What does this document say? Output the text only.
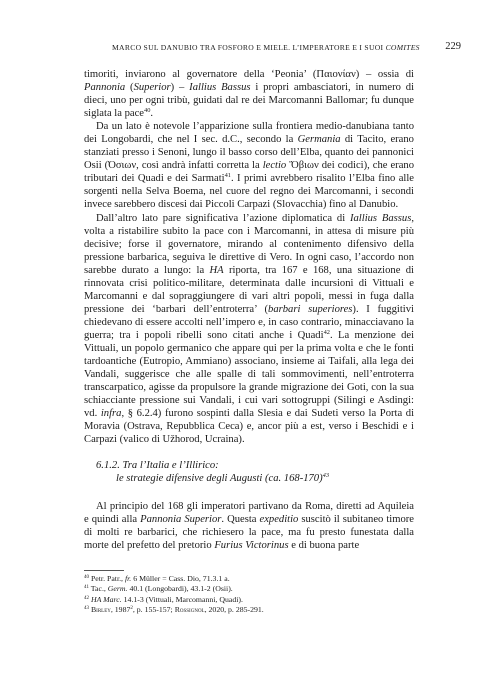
MARCO SUL DANUBIO TRA FOSFORO E MIELE. L’IMPERATORE E I SUOI COMITES 229

timoriti, inviarono al governatore della ‘Peonia’ (Παιονίαν) – ossia di Pannonia (Superior) – Iallius Bassus i propri ambasciatori, in numero di dieci, uno per ogni tribù, guidati dal re dei Marcomanni Ballomar; fu dunque siglata la pace$^{40}$.

Da un lato è notevole l’apparizione sulla frontiera medio-danubiana tanto dei Longobardi, che nel I sec. d.C., secondo la Germania di Tacito, erano stanziati presso i Senoni, lungo il basso corso dell’Elba, quanto dei pannonici Osii (Όσιων, così andrà infatti corretta la lectio Ὄβιων dei codici), che erano tributari dei Quadi e dei Sarmati$^{41}$. I primi avrebbero risalito l’Elba fino alle sorgenti nella Selva Boema, nel cuore del regno dei Marcomanni, i secondi invece sarebbero discesi dai Piccoli Carpazi (Slovacchia) fino al Danubio.

Dall’altro lato pare significativa l’azione diplomatica di Iallius Bassus, volta a ristabilire subito la pace con i Marcomanni, in attesa di misure più decisive; forse il governatore, mirando al contenimento difensivo della pressione barbarica, seguiva le direttive di Vero. In ogni caso, l’accordo non sarebbe durato a lungo: la HA riporta, tra 167 e 168, una situazione di rinnovata crisi politico-militare, determinata dalle incursioni di Vittuali e Marcomanni e dal sopraggiungere di vari altri popoli, messi in fuga dalla pressione dei ‘barbari dell’entroterra’ (barbari superiores). I fuggitivi chiedevano di essere accolti nell’impero e, in caso contrario, minacciavano la guerra; tra i popoli ribelli sono citati anche i Quadi$^{42}$. La menzione dei Vittuali, un popolo germanico che appare qui per la prima volta e che le fonti tardoantiche (Eutropio, Ammiano) associano, insieme ai Taifali, alla lega dei Vandali, suggerisce che alle spalle di tali sommovimenti, nell’entroterra transcarpatico, agisse da propulsore la grande migrazione dei Goti, con la sua schiacciante pressione sui Vandali, i cui vari sottogruppi (Silingi e Asdingi: vd. infra, § 6.2.4) furono sospinti dalla Slesia e dai Sudeti verso la Porta di Moravia (Ostrava, Repubblica Ceca) e, ancor più a est, verso i Beschidi e i Carpazi (valico di Užhorod, Ucraina).

6.1.2. Tra l’Italia e l’Illirico:
le strategie difensive degli Augusti (ca. 168-170)$^{43}$

Al principio del 168 gli imperatori partivano da Roma, diretti ad Aquileia e quindi alla Pannonia Superior. Questa expeditio suscitò il subitaneo timore di molti re barbarici, che richiesero la pace, ma fu presto funestata dalla morte del prefetto del pretorio Furius Victorinus e di buona parte

$^{40}$ Petr. Patr., fr. 6 Müller = Cass. Dio, 71.3.1 a.
$^{41}$ Tac., Germ. 40.1 (Longobardi), 43.1-2 (Osii).
$^{42}$ HA Marc. 14.1-3 (Vittuali, Marcomanni, Quadi).
$^{43}$ Birley, 1987$^2$, p. 155-157; Rossignol, 2020, p. 285-291.
